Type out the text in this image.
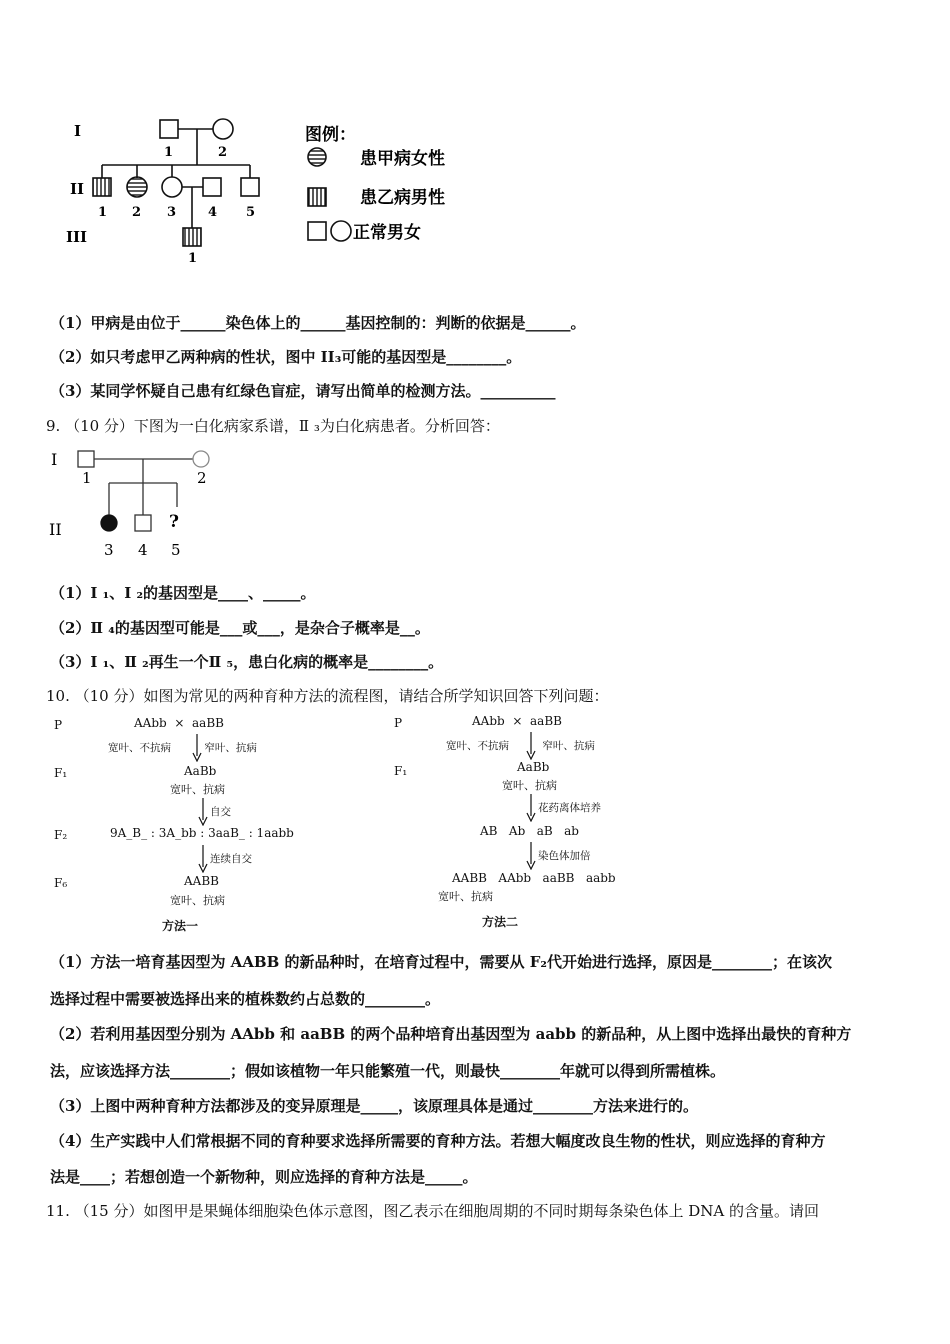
I
II
III
1	2
1 2 3 4 5
1
图例：
患甲病女性
患乙病男性
正常男女
（1）甲病是由位于______染色体上的______基因控制的：判断的依据是______。
（2）如只考虑甲乙两种病的性状，图中 II₃可能的基因型是________。
（3）某同学怀疑自己患有红绿色盲症，请写出简单的检测方法。__________
9. （10 分）下图为一白化病家系谱，Ⅱ ₃为白化病患者。分析回答：
I
II
1	2
?
3 4 5
（1）Ⅰ ₁、Ⅰ ₂的基因型是____、_____。
（2）Ⅱ ₄的基因型可能是___或___，是杂合子概率是__。
（3）Ⅰ ₁、Ⅱ ₂再生一个Ⅱ ₅，患白化病的概率是________。
10. （10 分）如图为常见的两种育种方法的流程图，请结合所学知识回答下列问题：
P
F₁
F₂
F₆
AAbb  ×  aaBB
宽叶、不抗病          窄叶、抗病
AaBb
宽叶、抗病
自交
9A_B_ : 3A_bb : 3aaB_ : 1aabb
连续自交
AABB
宽叶、抗病
方法一
P
F₁
AAbb  ×  aaBB
宽叶、不抗病          窄叶、抗病
AaBb
宽叶、抗病
花药离体培养
AB   Ab   aB   ab
染色体加倍
AABB   AAbb   aaBB   aabb
宽叶、抗病
方法二
（1）方法一培育基因型为 AABB 的新品种时，在培育过程中，需要从 F₂代开始进行选择，原因是________；在该次
选择过程中需要被选择出来的植株数约占总数的________。
（2）若利用基因型分别为 AAbb 和 aaBB 的两个品种培育出基因型为 aabb 的新品种，从上图中选择出最快的育种方
法，应该选择方法________；假如该植物一年只能繁殖一代，则最快________年就可以得到所需植株。
（3）上图中两种育种方法都涉及的变异原理是_____，该原理具体是通过________方法来进行的。
（4）生产实践中人们常根据不同的育种要求选择所需要的育种方法。若想大幅度改良生物的性状，则应选择的育种方
法是____；若想创造一个新物种，则应选择的育种方法是_____。
11. （15 分）如图甲是果蝇体细胞染色体示意图，图乙表示在细胞周期的不同时期每条染色体上 DNA 的含量。请回
